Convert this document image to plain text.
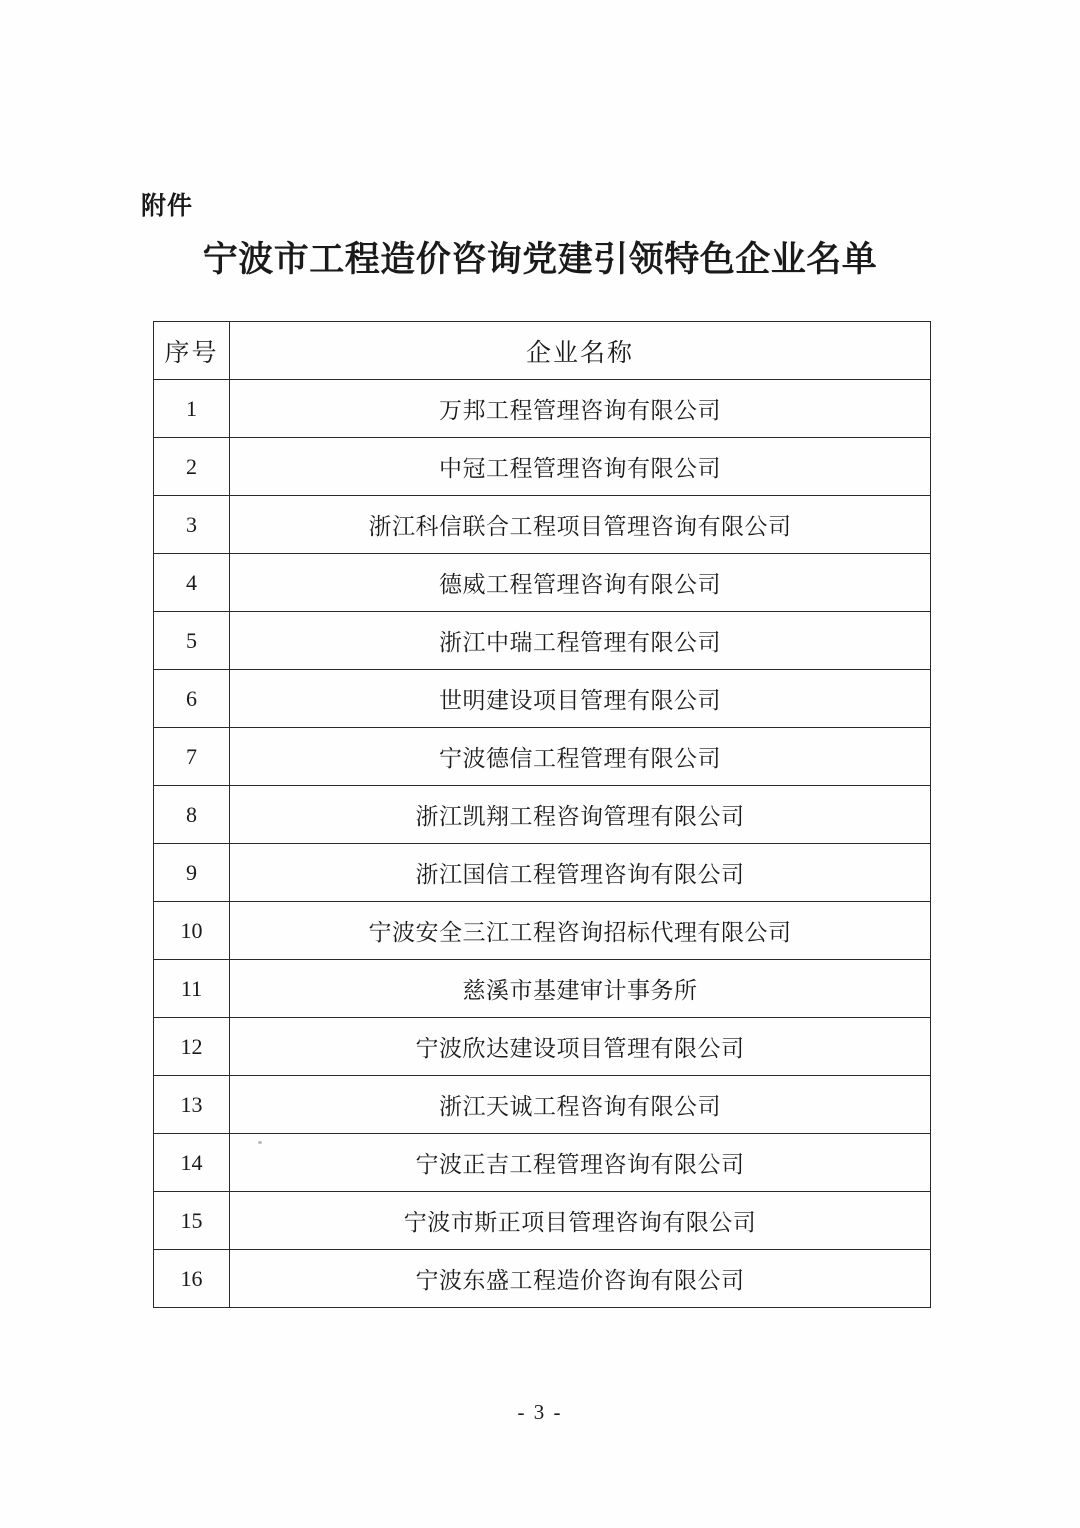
附件
宁波市工程造价咨询党建引领特色企业名单
序号	企业名称
1	万邦工程管理咨询有限公司
2	中冠工程管理咨询有限公司
3	浙江科信联合工程项目管理咨询有限公司
4	德威工程管理咨询有限公司
5	浙江中瑞工程管理有限公司
6	世明建设项目管理有限公司
7	宁波德信工程管理有限公司
8	浙江凯翔工程咨询管理有限公司
9	浙江国信工程管理咨询有限公司
10	宁波安全三江工程咨询招标代理有限公司
11	慈溪市基建审计事务所
12	宁波欣达建设项目管理有限公司
13	浙江天诚工程咨询有限公司
14	宁波正吉工程管理咨询有限公司
15	宁波市斯正项目管理咨询有限公司
16	宁波东盛工程造价咨询有限公司
- 3 -
